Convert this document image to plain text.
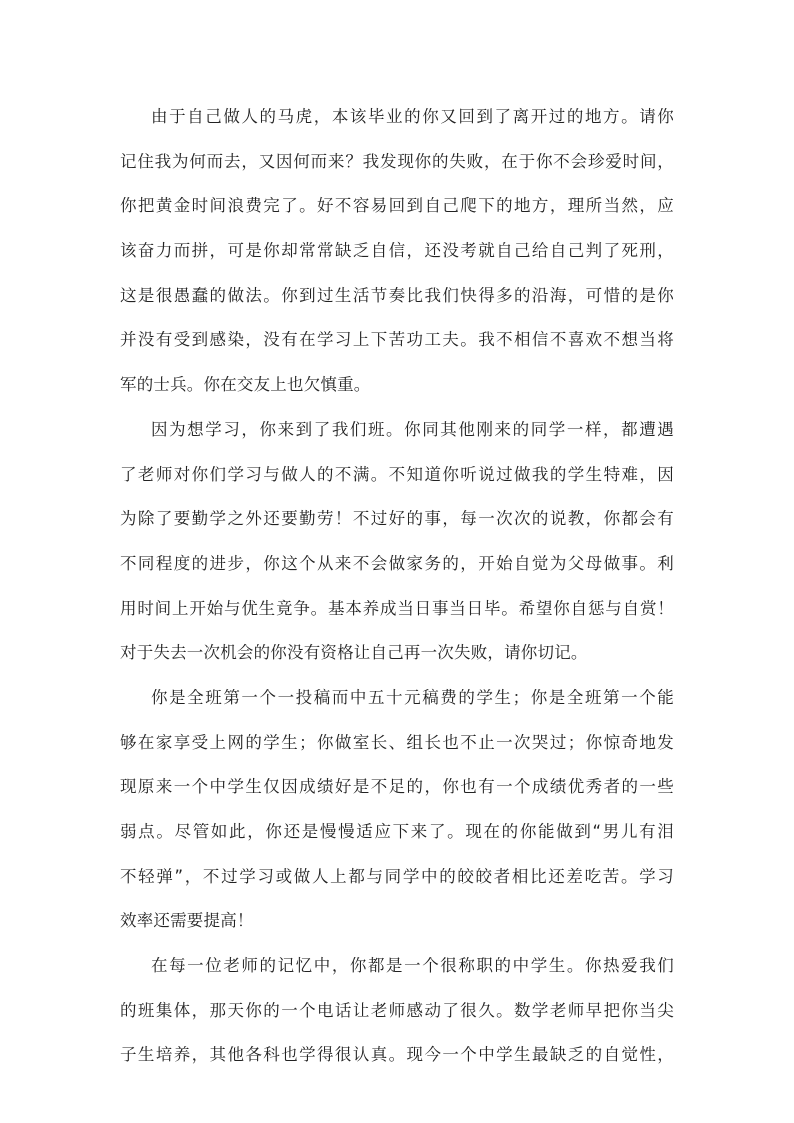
由于自己做人的马虎，本该毕业的你又回到了离开过的地方。请你
记住我为何而去，又因何而来？我发现你的失败，在于你不会珍爱时间，
你把黄金时间浪费完了。好不容易回到自己爬下的地方，理所当然，应
该奋力而拼，可是你却常常缺乏自信，还没考就自己给自己判了死刑，
这是很愚蠢的做法。你到过生活节奏比我们快得多的沿海，可惜的是你
并没有受到感染，没有在学习上下苦功工夫。我不相信不喜欢不想当将
军的士兵。你在交友上也欠慎重。
因为想学习，你来到了我们班。你同其他刚来的同学一样，都遭遇
了老师对你们学习与做人的不满。不知道你听说过做我的学生特难，因
为除了要勤学之外还要勤劳！不过好的事，每一次次的说教，你都会有
不同程度的进步，你这个从来不会做家务的，开始自觉为父母做事。利
用时间上开始与优生竟争。基本养成当日事当日毕。希望你自惩与自赏！
对于失去一次机会的你没有资格让自己再一次失败，请你切记。
你是全班第一个一投稿而中五十元稿费的学生；你是全班第一个能
够在家享受上网的学生；你做室长、组长也不止一次哭过；你惊奇地发
现原来一个中学生仅因成绩好是不足的，你也有一个成绩优秀者的一些
弱点。尽管如此，你还是慢慢适应下来了。现在的你能做到“男儿有泪
不轻弹”，不过学习或做人上都与同学中的皎皎者相比还差吃苦。学习
效率还需要提高！
在每一位老师的记忆中，你都是一个很称职的中学生。你热爱我们
的班集体，那天你的一个电话让老师感动了很久。数学老师早把你当尖
子生培养，其他各科也学得很认真。现今一个中学生最缺乏的自觉性，
